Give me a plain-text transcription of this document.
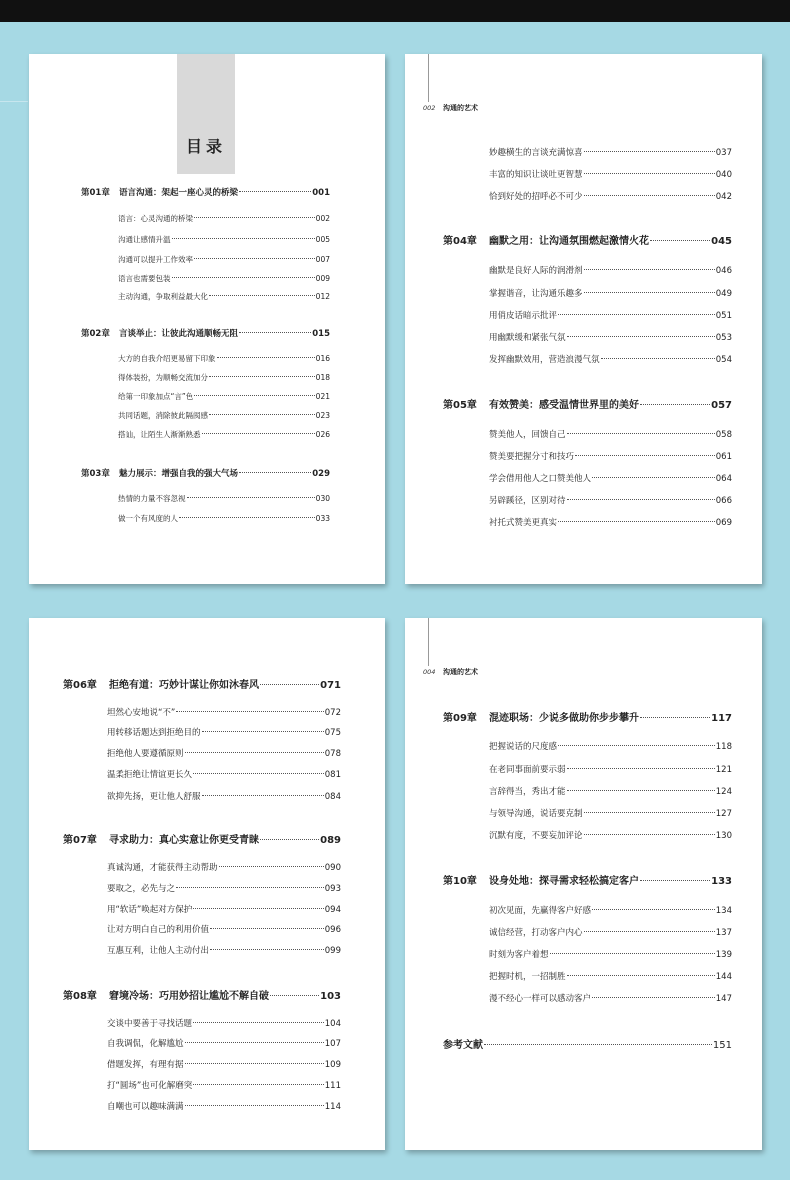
目录
第01章	语言沟通：架起一座心灵的桥梁	001
语言：心灵沟通的桥梁	002
沟通让感情升温	005
沟通可以提升工作效率	007
语言也需要包装	009
主动沟通，争取利益最大化	012
第02章	言谈举止：让彼此沟通顺畅无阻	015
大方的自我介绍更易留下印象	016
得体装扮，为顺畅交流加分	018
给第一印象加点“言”色	021
共同话题，消除彼此隔阂感	023
搭讪，让陌生人渐渐熟悉	026
第03章	魅力展示：增强自我的强大气场	029
热情的力量不容忽视	030
做一个有风度的人	033
002 沟通的艺术
妙趣横生的言谈充满惊喜	037
丰富的知识让谈吐更智慧	040
恰到好处的招呼必不可少	042
第04章	幽默之用：让沟通氛围燃起激情火花	045
幽默是良好人际的润滑剂	046
掌握谐音，让沟通乐趣多	049
用俏皮话暗示批评	051
用幽默缓和紧张气氛	053
发挥幽默效用，营造浪漫气氛	054
第05章	有效赞美：感受温情世界里的美好	057
赞美他人，回馈自己	058
赞美要把握分寸和技巧	061
学会借用他人之口赞美他人	064
另辟蹊径，区别对待	066
衬托式赞美更真实	069
第06章	拒绝有道：巧妙计谋让你如沐春风	071
坦然心安地说“不”	072
用转移话题达到拒绝目的	075
拒绝他人要遵循原则	078
温柔拒绝让情谊更长久	081
欲抑先扬，更让他人舒服	084
第07章	寻求助力：真心实意让你更受青睐	089
真诚沟通，才能获得主动帮助	090
要取之，必先与之	093
用“软话”唤起对方保护	094
让对方明白自己的利用价值	096
互惠互利，让他人主动付出	099
第08章	窘境冷场：巧用妙招让尴尬不解自破	103
交谈中要善于寻找话题	104
自我调侃，化解尴尬	107
借题发挥，有理有据	109
打“圆场”也可化解磨突	111
自嘲也可以趣味满满	114
004 沟通的艺术
第09章	混迹职场：少说多做助你步步攀升	117
把握说话的尺度感	118
在老同事面前要示弱	121
言辞得当，秀出才能	124
与领导沟通，说话要克制	127
沉默有度，不要妄加评论	130
第10章	设身处地：探寻需求轻松搞定客户	133
初次见面，先赢得客户好感	134
诚信经营，打动客户内心	137
时刻为客户着想	139
把握时机，一招制胜	144
漫不经心一样可以感动客户	147
参考文献	151
